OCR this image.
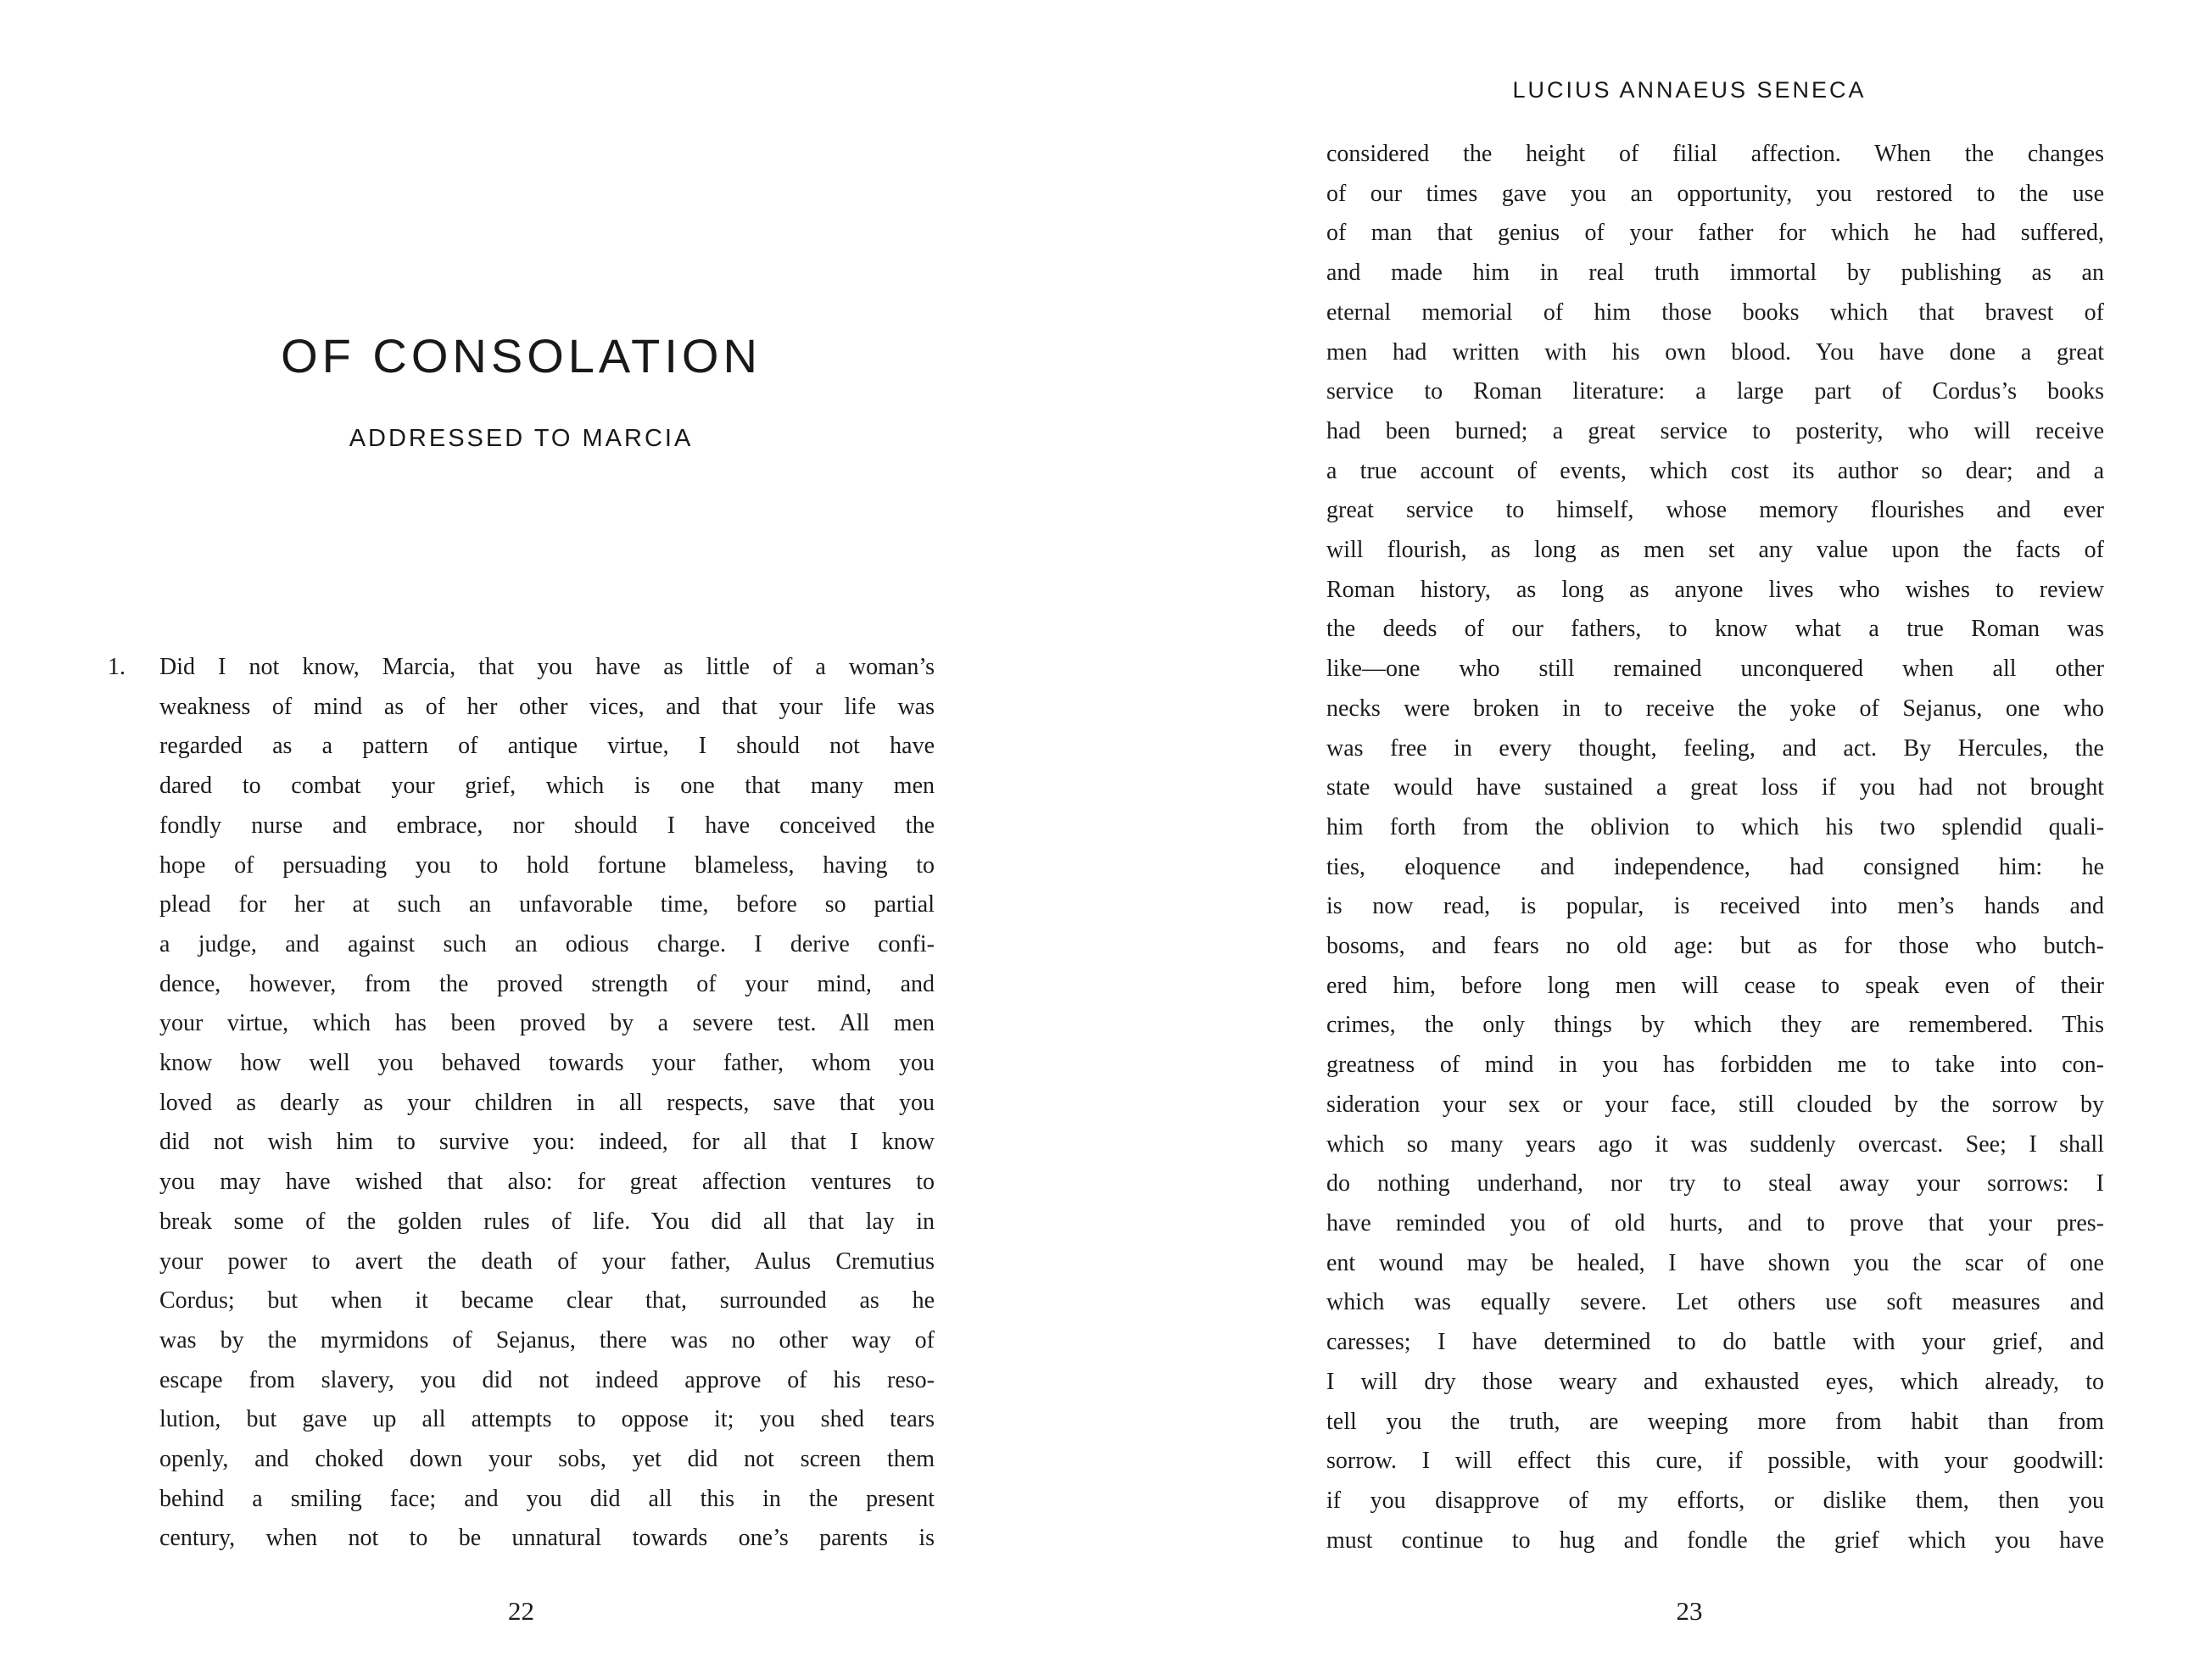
OF CONSOLATION
ADDRESSED TO MARCIA
1. Did I not know, Marcia, that you have as little of a woman’s
weakness of mind as of her other vices, and that your life was
regarded as a pattern of antique virtue, I should not have
dared to combat your grief, which is one that many men
fondly nurse and embrace, nor should I have conceived the
hope of persuading you to hold fortune blameless, having to
plead for her at such an unfavorable time, before so partial
a judge, and against such an odious charge. I derive confi-
dence, however, from the proved strength of your mind, and
your virtue, which has been proved by a severe test. All men
know how well you behaved towards your father, whom you
loved as dearly as your children in all respects, save that you
did not wish him to survive you: indeed, for all that I know
you may have wished that also: for great affection ventures to
break some of the golden rules of life. You did all that lay in
your power to avert the death of your father, Aulus Cremutius
Cordus; but when it became clear that, surrounded as he
was by the myrmidons of Sejanus, there was no other way of
escape from slavery, you did not indeed approve of his reso-
lution, but gave up all attempts to oppose it; you shed tears
openly, and choked down your sobs, yet did not screen them
behind a smiling face; and you did all this in the present
century, when not to be unnatural towards one’s parents is
22
LUCIUS ANNAEUS SENECA
considered the height of filial affection. When the changes
of our times gave you an opportunity, you restored to the use
of man that genius of your father for which he had suffered,
and made him in real truth immortal by publishing as an
eternal memorial of him those books which that bravest of
men had written with his own blood. You have done a great
service to Roman literature: a large part of Cordus’s books
had been burned; a great service to posterity, who will receive
a true account of events, which cost its author so dear; and a
great service to himself, whose memory flourishes and ever
will flourish, as long as men set any value upon the facts of
Roman history, as long as anyone lives who wishes to review
the deeds of our fathers, to know what a true Roman was
like—one who still remained unconquered when all other
necks were broken in to receive the yoke of Sejanus, one who
was free in every thought, feeling, and act. By Hercules, the
state would have sustained a great loss if you had not brought
him forth from the oblivion to which his two splendid quali-
ties, eloquence and independence, had consigned him: he
is now read, is popular, is received into men’s hands and
bosoms, and fears no old age: but as for those who butch-
ered him, before long men will cease to speak even of their
crimes, the only things by which they are remembered. This
greatness of mind in you has forbidden me to take into con-
sideration your sex or your face, still clouded by the sorrow by
which so many years ago it was suddenly overcast. See; I shall
do nothing underhand, nor try to steal away your sorrows: I
have reminded you of old hurts, and to prove that your pres-
ent wound may be healed, I have shown you the scar of one
which was equally severe. Let others use soft measures and
caresses; I have determined to do battle with your grief, and
I will dry those weary and exhausted eyes, which already, to
tell you the truth, are weeping more from habit than from
sorrow. I will effect this cure, if possible, with your goodwill:
if you disapprove of my efforts, or dislike them, then you
must continue to hug and fondle the grief which you have
23
